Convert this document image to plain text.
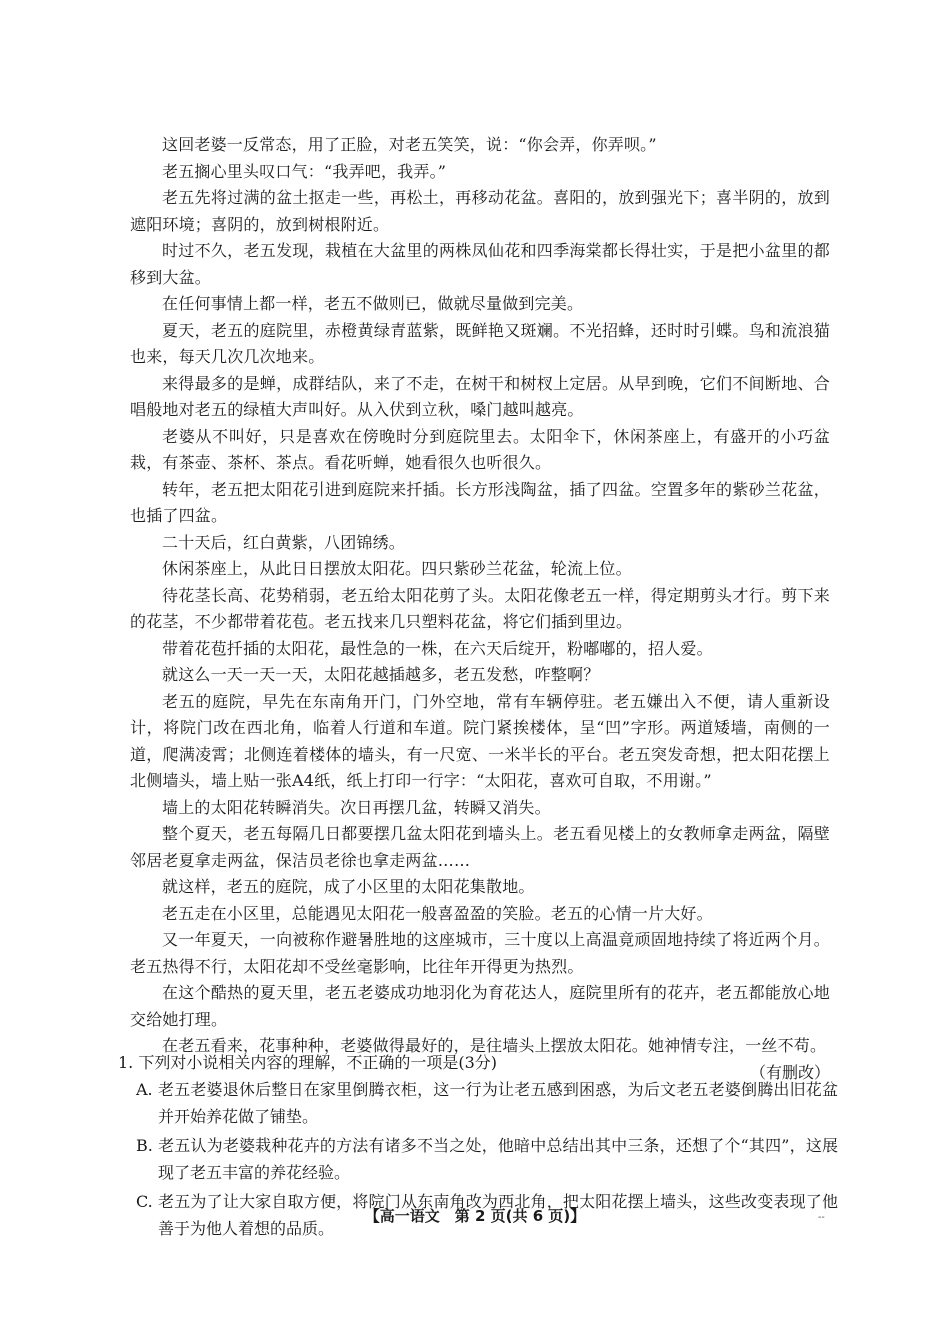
这回老婆一反常态，用了正脸，对老五笑笑，说：“你会弄，你弄呗。”

老五搁心里头叹口气：“我弄吧，我弄。”

老五先将过满的盆土抠走一些，再松土，再移动花盆。喜阳的，放到强光下；喜半阴的，放到遮阳环境；喜阴的，放到树根附近。

时过不久，老五发现，栽植在大盆里的两株凤仙花和四季海棠都长得壮实，于是把小盆里的都移到大盆。

在任何事情上都一样，老五不做则已，做就尽量做到完美。

夏天，老五的庭院里，赤橙黄绿青蓝紫，既鲜艳又斑斓。不光招蜂，还时时引蝶。鸟和流浪猫也来，每天几次几次地来。

来得最多的是蝉，成群结队，来了不走，在树干和树杈上定居。从早到晚，它们不间断地、合唱般地对老五的绿植大声叫好。从入伏到立秋，嗓门越叫越亮。

老婆从不叫好，只是喜欢在傍晚时分到庭院里去。太阳伞下，休闲茶座上，有盛开的小巧盆栽，有茶壶、茶杯、茶点。看花听蝉，她看很久也听很久。

转年，老五把太阳花引进到庭院来扦插。长方形浅陶盆，插了四盆。空置多年的紫砂兰花盆，也插了四盆。

二十天后，红白黄紫，八团锦绣。

休闲茶座上，从此日日摆放太阳花。四只紫砂兰花盆，轮流上位。

待花茎长高、花势稍弱，老五给太阳花剪了头。太阳花像老五一样，得定期剪头才行。剪下来的花茎，不少都带着花苞。老五找来几只塑料花盆，将它们插到里边。

带着花苞扦插的太阳花，最性急的一株，在六天后绽开，粉嘟嘟的，招人爱。

就这么一天一天一天，太阳花越插越多，老五发愁，咋整啊？

老五的庭院，早先在东南角开门，门外空地，常有车辆停驻。老五嫌出入不便，请人重新设计，将院门改在西北角，临着人行道和车道。院门紧挨楼体，呈“凹”字形。两道矮墙，南侧的一道，爬满凌霄；北侧连着楼体的墙头，有一尺宽、一米半长的平台。老五突发奇想，把太阳花摆上北侧墙头，墙上贴一张A4纸，纸上打印一行字：“太阳花，喜欢可自取，不用谢。”

墙上的太阳花转瞬消失。次日再摆几盆，转瞬又消失。

整个夏天，老五每隔几日都要摆几盆太阳花到墙头上。老五看见楼上的女教师拿走两盆，隔壁邻居老夏拿走两盆，保洁员老徐也拿走两盆……

就这样，老五的庭院，成了小区里的太阳花集散地。

老五走在小区里，总能遇见太阳花一般喜盈盈的笑脸。老五的心情一片大好。

又一年夏天，一向被称作避暑胜地的这座城市，三十度以上高温竟顽固地持续了将近两个月。老五热得不行，太阳花却不受丝毫影响，比往年开得更为热烈。

在这个酷热的夏天里，老五老婆成功地羽化为育花达人，庭院里所有的花卉，老五都能放心地交给她打理。

在老五看来，花事种种，老婆做得最好的，是往墙头上摆放太阳花。她神情专注，一丝不苟。

（有删改）

1. 下列对小说相关内容的理解，不正确的一项是(3分)

A. 老五老婆退休后整日在家里倒腾衣柜，这一行为让老五感到困惑，为后文老五老婆倒腾出旧花盆并开始养花做了铺垫。

B. 老五认为老婆栽种花卉的方法有诸多不当之处，他暗中总结出其中三条，还想了个“其四”，这展现了老五丰富的养花经验。

C. 老五为了让大家自取方便，将院门从东南角改为西北角，把太阳花摆上墙头，这些改变表现了他善于为他人着想的品质。

【高一语文　第 2 页(共 6 页)】	--
